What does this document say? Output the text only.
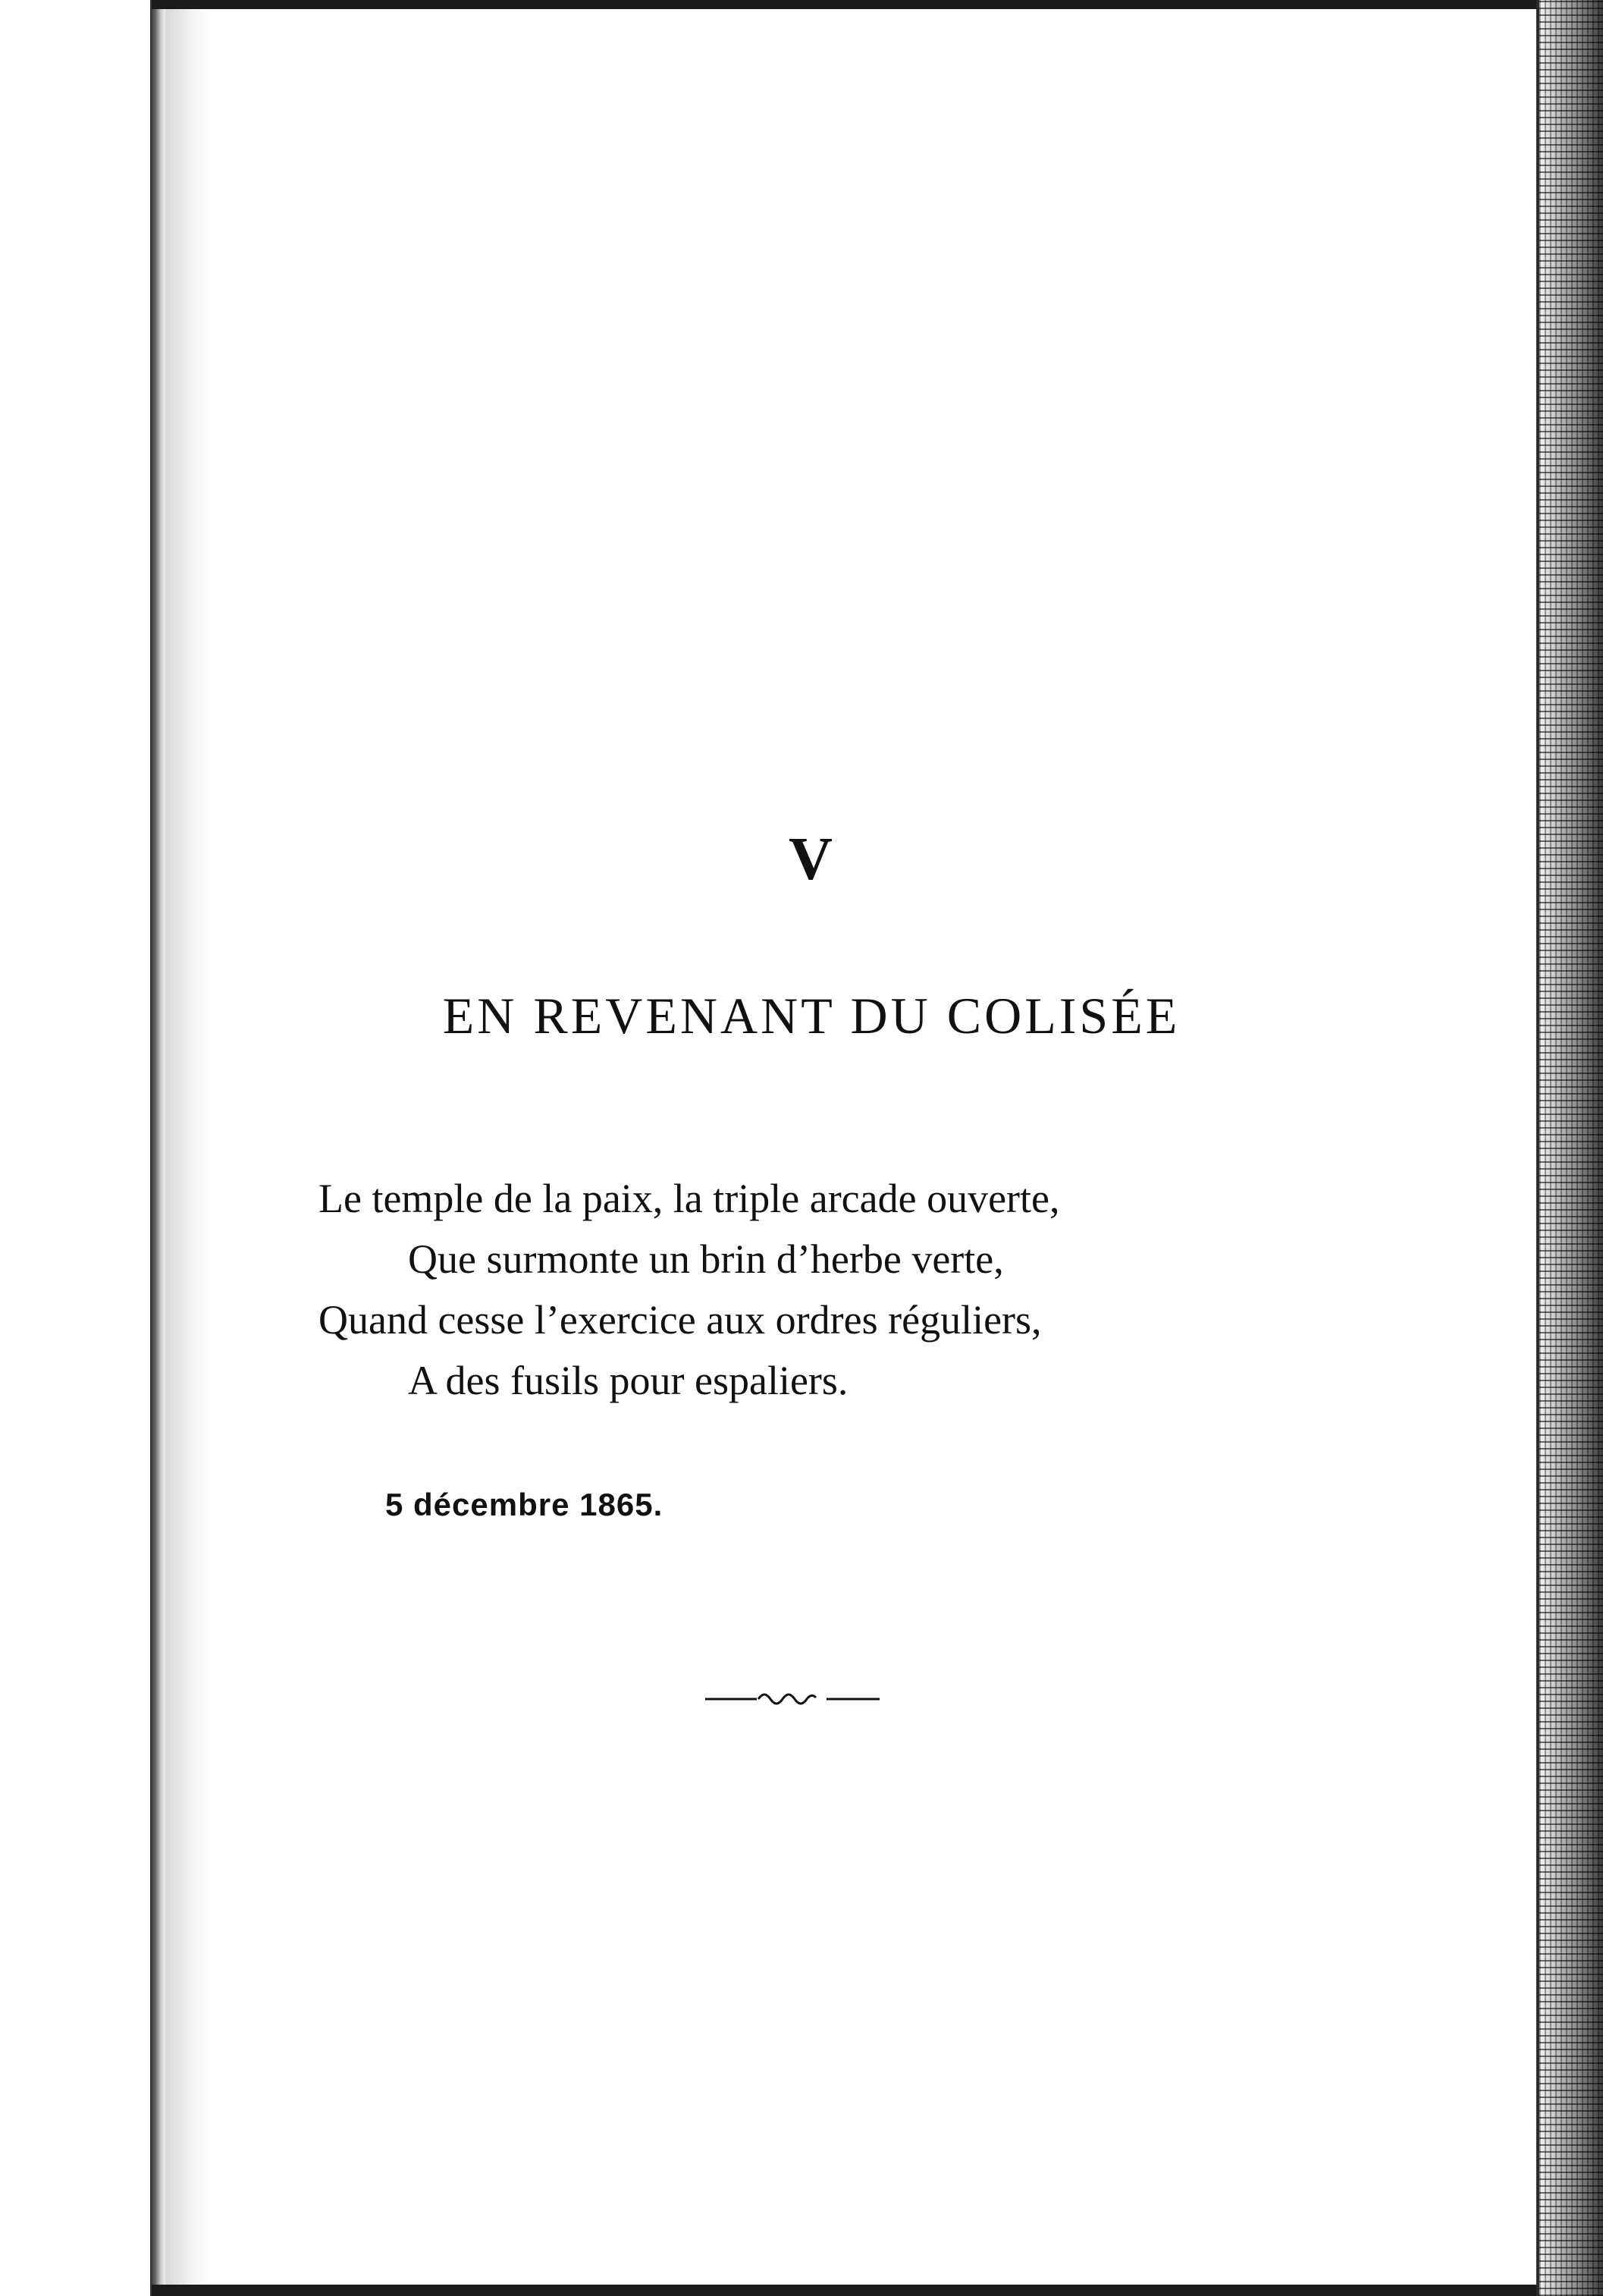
V
EN REVENANT DU COLISÉE
Le temple de la paix, la triple arcade ouverte,
Que surmonte un brin d’herbe verte,
Quand cesse l’exercice aux ordres réguliers,
A des fusils pour espaliers.
5 décembre 1865.
